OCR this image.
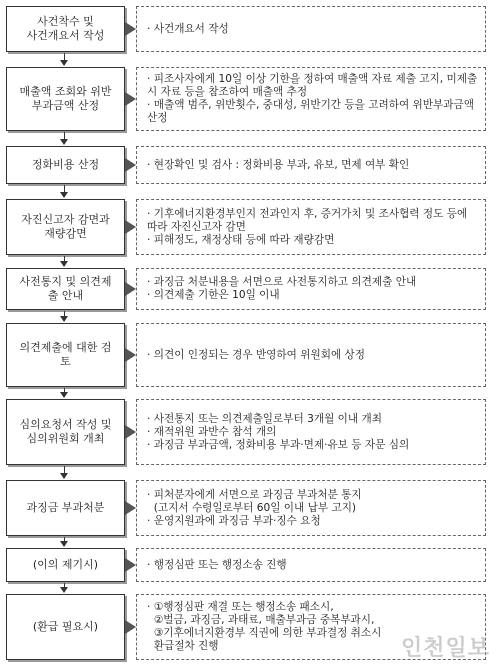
사건착수 및
사건개요서 작성
· 사건개요서 작성
매출액 조회와 위반
부과금액 산정
· 피조사자에게 10일 이상 기한을 정하여 매출액 자료 제출 고지, 미제출시 자료 등을 참조하여 매출액 추정
· 매출액 범주, 위반횟수, 중대성, 위반기간 등을 고려하여 위반부과금액 산정
정화비용 산정	· 현장확인 및 검사 : 정화비용 부과, 유보, 면제 여부 확인
자진신고자 감면과
재량감면
· 기후에너지환경부인지 전과인지 후, 증거가치 및 조사협력 정도 등에 따라 자진신고자 감면
· 피해정도, 재정상태 등에 따라 재량감면
사전통지 및 의견제
출 안내
· 과징금 처분내용을 서면으로 사전통지하고 의견제출 안내
· 의견제출 기한은 10일 이내
의견제출에 대한 검
토
· 의견이 인정되는 경우 반영하여 위원회에 상정
심의요청서 작성 및
심의위원회 개최
· 사전통지 또는 의견제출일로부터 3개월 이내 개최
· 재적위원 과반수 참석 개의
· 과징금 부과금액, 정화비용 부과·면제·유보 등 자문 심의
과징금 부과처분
· 피처분자에게 서면으로 과징금 부과처분 통지
(고지서 수령일로부터 60일 이내 납부 고지)
· 운영지원과에 과징금 부과·징수 요청
(이의 제기시)	· 행정심판 또는 행정소송 진행
(환급 필요시)
· ①행정심판 재결 또는 행정소송 패소시,
②벌금, 과징금, 과태료, 매출부과금 중복부과시,
③기후에너지환경부 직권에 의한 부과결정 취소시
환급절차 진행	인천일보
